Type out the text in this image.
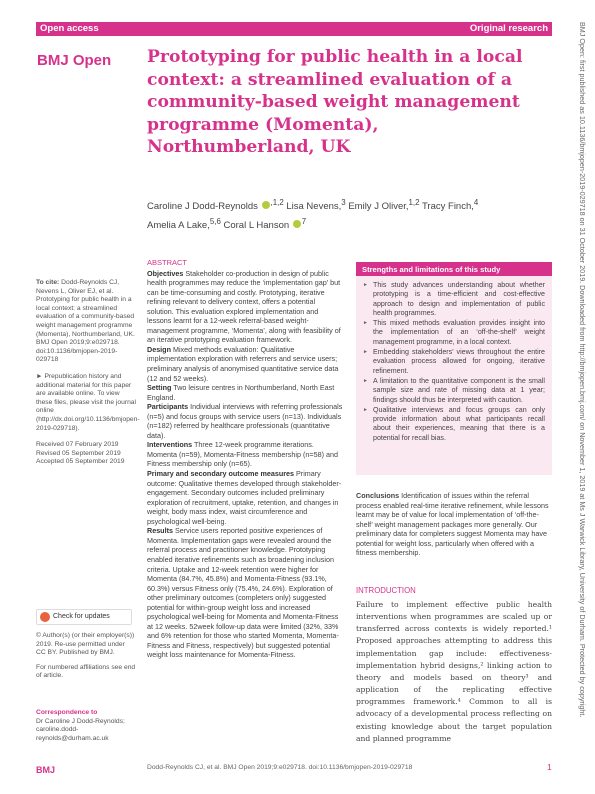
Open access	Original research
BMJ Open Prototyping for public health in a local context: a streamlined evaluation of a community-based weight management programme (Momenta), Northumberland, UK
Caroline J Dodd-Reynolds $^{,1,2}$ Lisa Nevens,$^3$ Emily J Oliver,$^{1,2}$ Tracy Finch,$^4$
Amelia A Lake,$^{5,6}$ Coral L Hanson $^7$

To cite: Dodd-Reynolds CJ, Nevens L, Oliver EJ, et al. Prototyping for public health in a local context: a streamlined evaluation of a community-based weight management programme (Momenta), Northumberland, UK. BMJ Open 2019;9:e029718. doi:10.1136/bmjopen-2019-029718

► Prepublication history and additional material for this paper are available online. To view these files, please visit the journal online (http://dx.doi.org/10.1136/bmjopen-2019-029718).

Received 07 February 2019

Revised 05 September 2019

Accepted 05 September 2019

Check for updates

© Author(s) (or their employer(s)) 2019. Re-use permitted under CC BY. Published by BMJ.

For numbered affiliations see end of article.

Correspondence to

Dr Caroline J Dodd-Reynolds; caroline.dodd-reynolds@durham.ac.uk

ABSTRACT

Objectives Stakeholder co-production in design of public health programmes may reduce the ‘implementation gap’ but can be time-consuming and costly. Prototyping, iterative refining relevant to delivery context, offers a potential solution. This evaluation explored implementation and lessons learnt for a 12-week referral-based weight-management programme, ‘Momenta’, along with feasibility of an iterative prototyping evaluation framework.

Design Mixed methods evaluation: Qualitative implementation exploration with referrers and service users; preliminary analysis of anonymised quantitative service data (12 and 52 weeks).

Setting Two leisure centres in Northumberland, North East England.

Participants Individual interviews with referring professionals (n=5) and focus groups with service users (n=13). Individuals (n=182) referred by healthcare professionals (quantitative data).

Interventions Three 12-week programme iterations. Momenta (n=59), Momenta-Fitness membership (n=58) and Fitness membership only (n=65).

Primary and secondary outcome measures Primary outcome: Qualitative themes developed through stakeholder-engagement. Secondary outcomes included preliminary exploration of recruitment, uptake, retention, and changes in weight, body mass index, waist circumference and psychological well-being.

Results Service users reported positive experiences of Momenta. Implementation gaps were revealed around the referral process and practitioner knowledge. Prototyping enabled iterative refinements such as broadening inclusion criteria. Uptake and 12-week retention were higher for Momenta (84.7%, 45.8%) and Momenta-Fitness (93.1%, 60.3%) versus Fitness only (75.4%, 24.6%). Exploration of other preliminary outcomes (completers only) suggested potential for within-group weight loss and increased psychological well-being for Momenta and Momenta-Fitness at 12 weeks. 52week follow-up data were limited (32%, 33% and 6% retention for those who started Momenta, Momenta-Fitness and Fitness, respectively) but suggested potential weight loss maintenance for Momenta-Fitness.

Strengths and limitations of this study
► This study advances understanding about whether prototyping is a time-efficient and cost-effective approach to design and implementation of public health programmes.
► This mixed methods evaluation provides insight into the implementation of an ‘off-the-shelf’ weight management programme, in a local context.
► Embedding stakeholders’ views throughout the entire evaluation process allowed for ongoing, iterative refinement.
► A limitation to the quantitative component is the small sample size and rate of missing data at 1 year; findings should thus be interpreted with caution.
► Qualitative interviews and focus groups can only provide information about what participants recall about their experiences, meaning that there is a potential for recall bias.
Conclusions Identification of issues within the referral process enabled real-time iterative refinement, while lessons learnt may be of value for local implementation of ‘off-the-shelf’ weight management packages more generally. Our preliminary data for completers suggest Momenta may have potential for weight loss, particularly when offered with a fitness membership.
INTRODUCTION
Failure to implement effective public health interventions when programmes are scaled up or transferred across contexts is widely reported.¹ Proposed approaches attempting to address this implementation gap include: effectiveness-implementation hybrid designs,² linking action to theory and models based on theory³ and application of the replicating effective programmes framework.⁴ Common to all is advocacy of a developmental process reflecting on existing knowledge about the target population and planned programme
BMJ Open: first published as 10.1136/bmjopen-2019-029718 on 31 October 2019. Downloaded from http://bmjopen.bmj.com/ on November 1, 2019 at Ms J Warwick Library, University of Durham. Protected by copyright.
BMJ	Dodd-Reynolds CJ, et al. BMJ Open 2019;9:e029718. doi:10.1136/bmjopen-2019-029718	1
